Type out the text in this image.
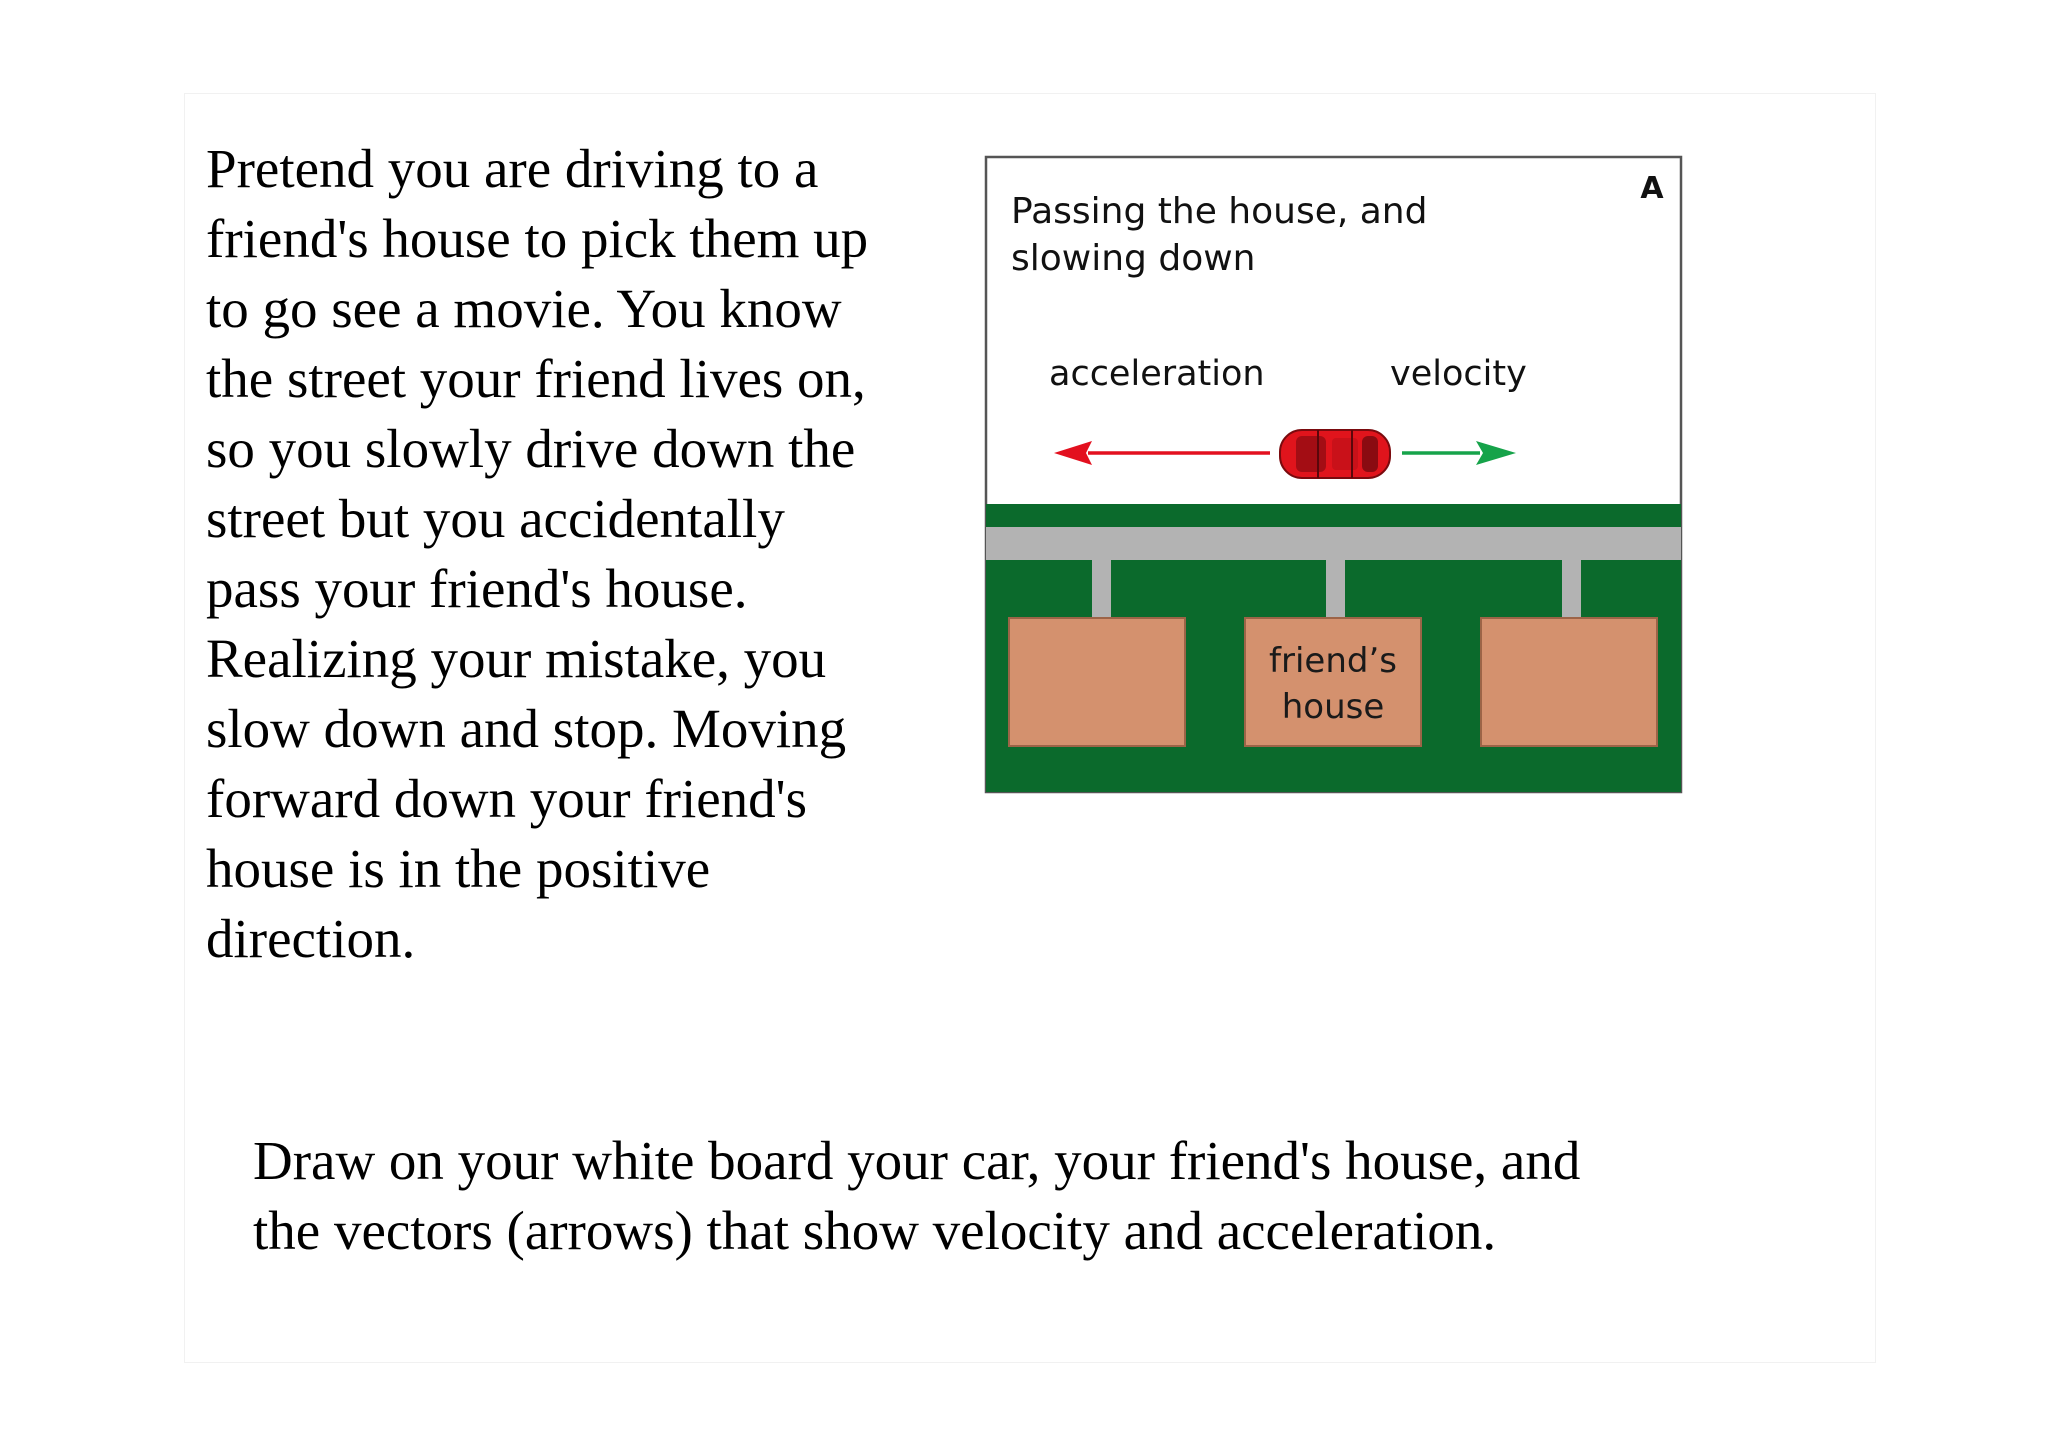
Pretend you are driving to a
friend's house to pick them up
to go see a movie. You know
the street your friend lives on,
so you slowly drive down the
street but you accidentally
pass your friend's house.
Realizing your mistake, you
slow down and stop. Moving
forward down your friend's
house is in the positive
direction.
A
Passing the house, and
slowing down
acceleration	velocity
friend’s
house
Draw on your white board your car, your friend's house, and
the vectors (arrows) that show velocity and acceleration.
